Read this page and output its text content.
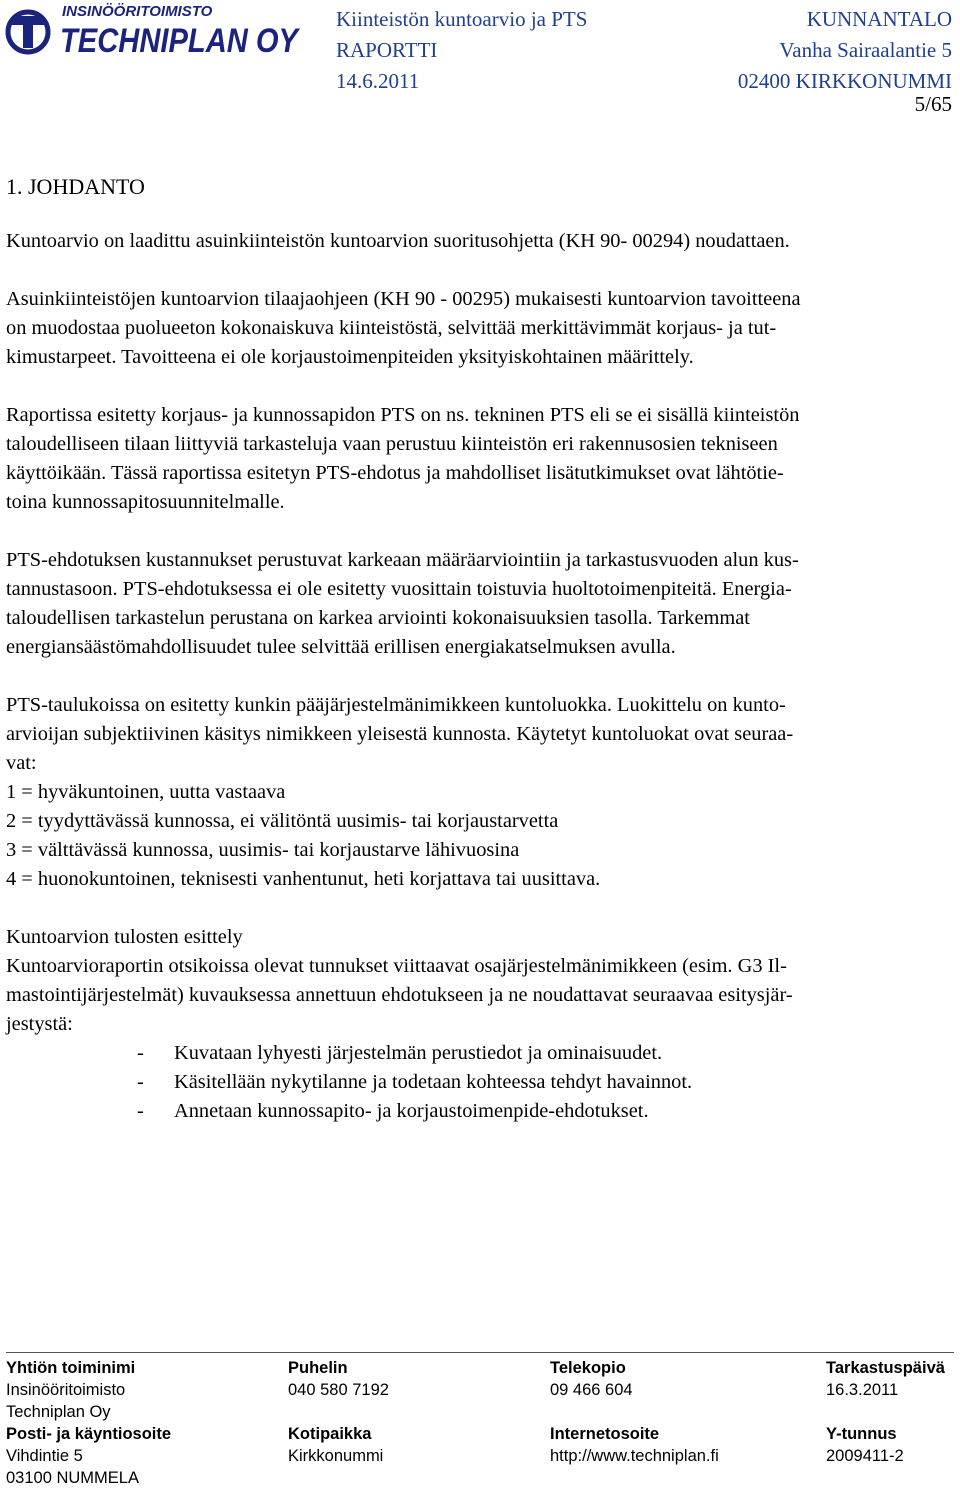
INSINÖÖRITOIMISTO
TECHNIPLAN OY
Kiinteistön kuntoarvio ja PTS
RAPORTTI
14.6.2011
KUNNANTALO
Vanha Sairaalantie 5
02400 KIRKKONUMMI
5/65
1. JOHDANTO
Kuntoarvio on laadittu asuinkiinteistön kuntoarvion suoritusohjetta (KH 90- 00294) noudattaen.
Asuinkiinteistöjen kuntoarvion tilaajaohjeen (KH 90 - 00295) mukaisesti kuntoarvion tavoitteena
on muodostaa puolueeton kokonaiskuva kiinteistöstä, selvittää merkittävimmät korjaus- ja tut-
kimustarpeet. Tavoitteena ei ole korjaustoimenpiteiden yksityiskohtainen määrittely.
Raportissa esitetty korjaus- ja kunnossapidon PTS on ns. tekninen PTS eli se ei sisällä kiinteistön
taloudelliseen tilaan liittyviä tarkasteluja vaan perustuu kiinteistön eri rakennusosien tekniseen
käyttöikään. Tässä raportissa esitetyn PTS-ehdotus ja mahdolliset lisätutkimukset ovat lähtötie-
toina kunnossapitosuunnitelmalle.
PTS-ehdotuksen kustannukset perustuvat karkeaan määräarviointiin ja tarkastusvuoden alun kus-
tannustasoon. PTS-ehdotuksessa ei ole esitetty vuosittain toistuvia huoltotoimenpiteitä. Energia-
taloudellisen tarkastelun perustana on karkea arviointi kokonaisuuksien tasolla. Tarkemmat
energiansäästömahdollisuudet tulee selvittää erillisen energiakatselmuksen avulla.
PTS-taulukoissa on esitetty kunkin pääjärjestelmänimikkeen kuntoluokka. Luokittelu on kunto-
arvioijan subjektiivinen käsitys nimikkeen yleisestä kunnosta. Käytetyt kuntoluokat ovat seuraa-
vat:
1 = hyväkuntoinen, uutta vastaava
2 = tyydyttävässä kunnossa, ei välitöntä uusimis- tai korjaustarvetta
3 = välttävässä kunnossa, uusimis- tai korjaustarve lähivuosina
4 = huonokuntoinen, teknisesti vanhentunut, heti korjattava tai uusittava.
Kuntoarvion tulosten esittely
Kuntoarvioraportin otsikoissa olevat tunnukset viittaavat osajärjestelmänimikkeen (esim. G3 Il-
mastointijärjestelmät) kuvauksessa annettuun ehdotukseen ja ne noudattavat seuraavaa esitysjär-
jestystä:
-	Kuvataan lyhyesti järjestelmän perustiedot ja ominaisuudet.
-	Käsitellään nykytilanne ja todetaan kohteessa tehdyt havainnot.
-	Annetaan kunnossapito- ja korjaustoimenpide-ehdotukset.
Yhtiön toiminimi
Insinööritoimisto
Techniplan Oy
Posti- ja käyntiosoite
Vihdintie 5
03100 NUMMELA
Puhelin
040 580 7192

Kotipaikka
Kirkkonummi
Telekopio
09 466 604

Internetosoite
http://www.techniplan.fi
Tarkastuspäivä
16.3.2011

Y-tunnus
2009411-2
